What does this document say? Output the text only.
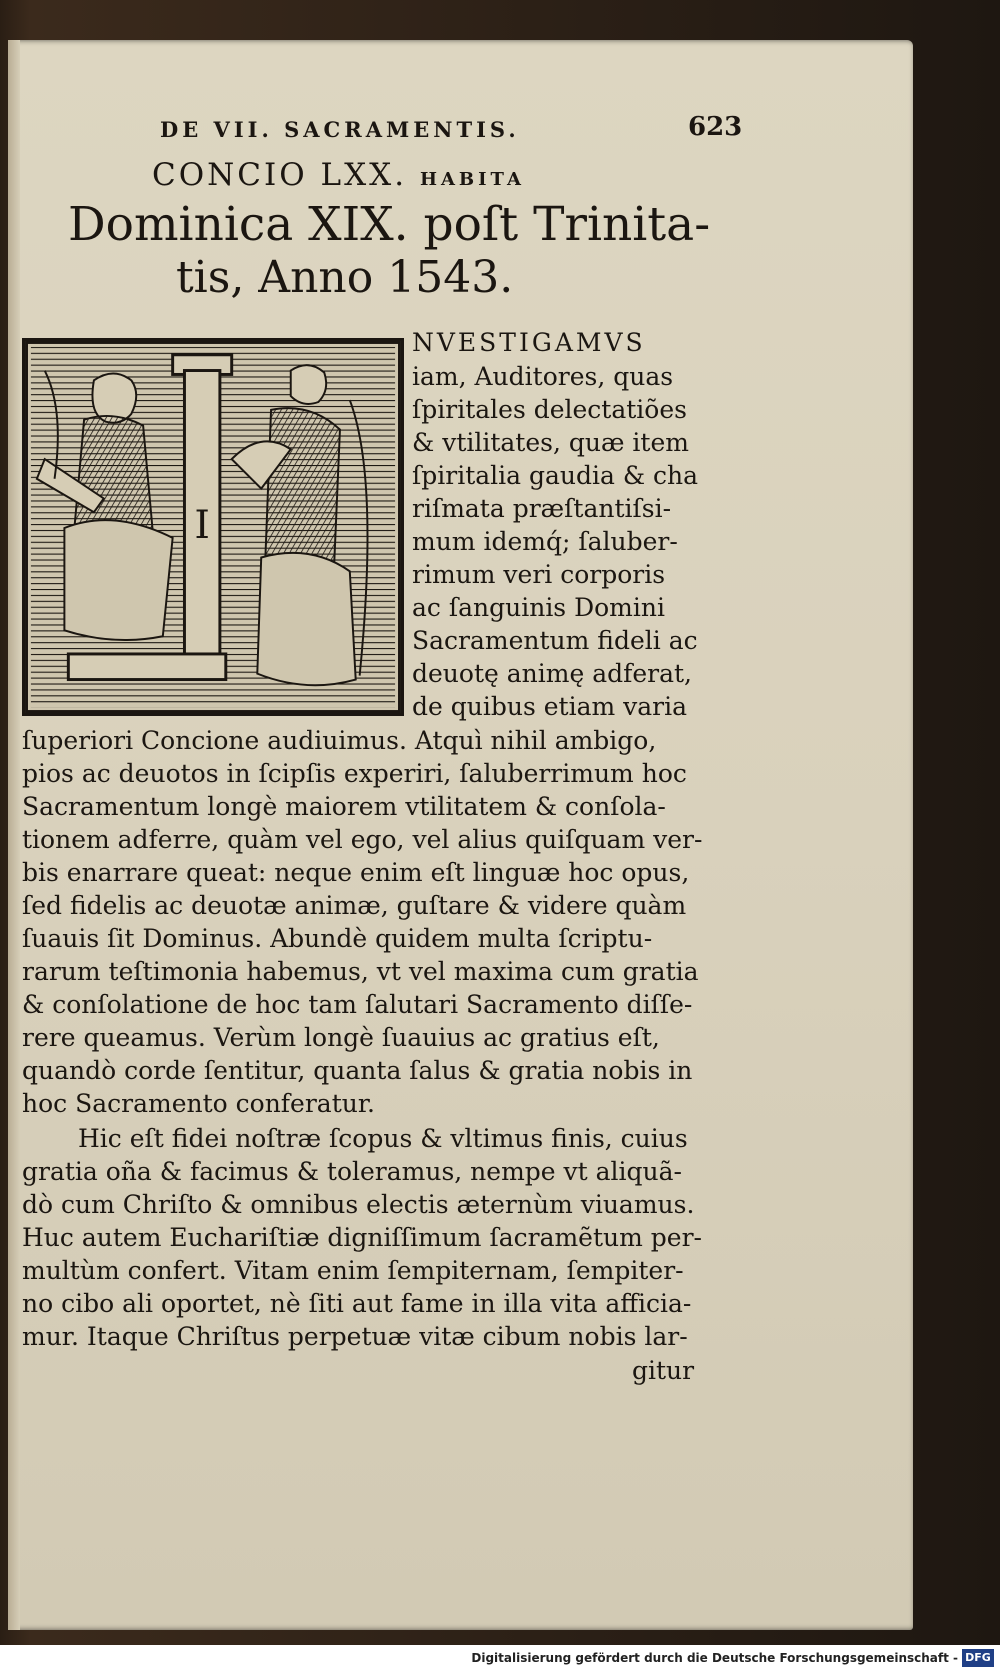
DE VII. SACRAMENTIS.	623
CONCIO LXX. HABITA
Dominica XIX. poſt Trinita-
tis, Anno 1543.
I
NVESTIGAMVS
iam, Auditores, quas
ſpiritales delectatiões
& vtilitates, quæ item
ſpiritalia gaudia & cha
riſmata præſtantiſsi-
mum idemq́; ſaluber-
rimum veri corporis
ac ſanguinis Domini
Sacramentum fideli ac
deuotę animę adferat,
de quibus etiam varia
ſuperiori Concione audiuimus. Atquì nihil ambigo,
pios ac deuotos in ſcipſis experiri, ſaluberrimum hoc
Sacramentum longè maiorem vtilitatem & conſola-
tionem adferre, quàm vel ego, vel alius quiſquam ver-
bis enarrare queat: neque enim eſt linguæ hoc opus,
ſed fidelis ac deuotæ animæ, guſtare & videre quàm
ſuauis ſit Dominus. Abundè quidem multa ſcriptu-
rarum teſtimonia habemus, vt vel maxima cum gratia
& conſolatione de hoc tam ſalutari Sacramento diſſe-
rere queamus. Verùm longè ſuauius ac gratius eſt,
quandò corde ſentitur, quanta ſalus & gratia nobis in
hoc Sacramento conferatur.
Hic eſt fidei noſtræ ſcopus & vltimus finis, cuius
gratia oña & facimus & toleramus, nempe vt aliquã-
dò cum Chriſto & omnibus electis æternùm viuamus.
Huc autem Euchariſtiæ digniſſimum ſacramẽtum per-
multùm confert. Vitam enim ſempiternam, ſempiter-
no cibo ali oportet, nè ſiti aut fame in illa vita afficia-
mur. Itaque Chriſtus perpetuæ vitæ cibum nobis lar-
gitur
Digitalisierung gefördert durch die Deutsche Forschungsgemeinschaft - DFG
